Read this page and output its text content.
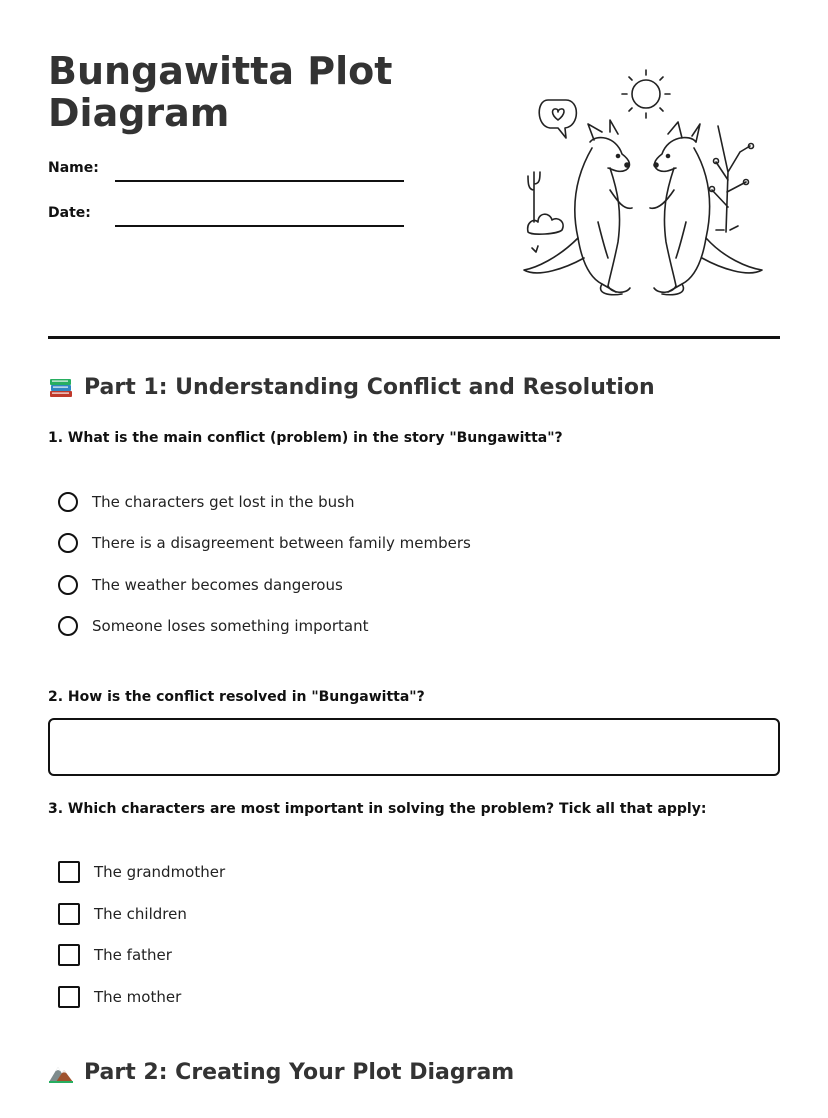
Bungawitta Plot Diagram
Name:
Date:
Part 1: Understanding Conflict and Resolution

1. What is the main conflict (problem) in the story "Bungawitta"?

The characters get lost in the bush
There is a disagreement between family members
The weather becomes dangerous
Someone loses something important

2. How is the conflict resolved in "Bungawitta"?

3. Which characters are most important in solving the problem? Tick all that apply:

The grandmother
The children
The father
The mother
Part 2: Creating Your Plot Diagram
